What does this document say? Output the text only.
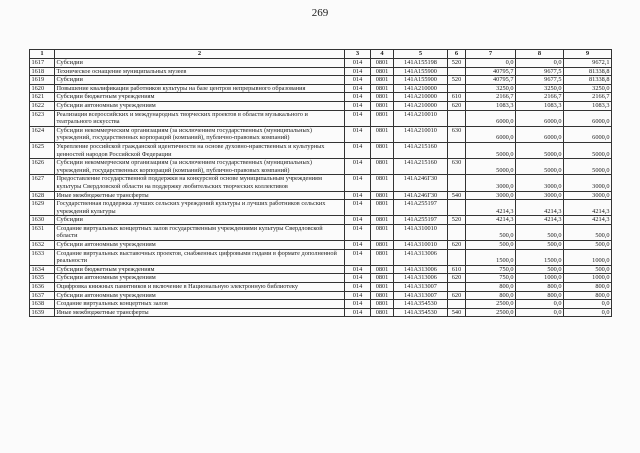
269
1	2	3	4	5	6	7	8	9
1617	Субсидии	014	0801	141A155198	520	0,0	0,0	9672,1
1618	Техническое оснащение муниципальных музеев	014	0801	141A155900		40795,7	9677,5	81338,8
1619	Субсидии	014	0801	141A155900	520	40795,7	9677,5	81338,8
1620	Повышение квалификации работников культуры на базе центров непрерывного образования	014	0801	141A210000		3250,0	3250,0	3250,0
1621	Субсидии бюджетным учреждениям	014	0801	141A210000	610	2166,7	2166,7	2166,7
1622	Субсидии автономным учреждениям	014	0801	141A210000	620	1083,3	1083,3	1083,3
1623	Реализация всероссийских и международных творческих проектов в области музыкального и театрального искусства	014	0801	141A210010		6000,0	6000,0	6000,0
1624	Субсидии некоммерческим организациям (за исключением государственных (муниципальных) учреждений, государственных корпораций (компаний), публично-правовых компаний)	014	0801	141A210010	630	6000,0	6000,0	6000,0
1625	Укрепление российской гражданской идентичности на основе духовно-нравственных и культурных ценностей народов Российской Федерации	014	0801	141A215160		5000,0	5000,0	5000,0
1626	Субсидии некоммерческим организациям (за исключением государственных (муниципальных) учреждений, государственных корпораций (компаний), публично-правовых компаний)	014	0801	141A215160	630	5000,0	5000,0	5000,0
1627	Предоставление государственной поддержки на конкурсной основе муниципальным учреждениям культуры Свердловской области на поддержку любительских творческих коллективов	014	0801	141A246Г30		3000,0	3000,0	3000,0
1628	Иные межбюджетные трансферты	014	0801	141A246Г30	540	3000,0	3000,0	3000,0
1629	Государственная поддержка лучших сельских учреждений культуры и лучших работников сельских учреждений культуры	014	0801	141A255197		4214,3	4214,3	4214,3
1630	Субсидии	014	0801	141A255197	520	4214,3	4214,3	4214,3
1631	Создание виртуальных концертных залов государственным учреждениями культуры Свердловской области	014	0801	141A310010		500,0	500,0	500,0
1632	Субсидии автономным учреждениям	014	0801	141A310010	620	500,0	500,0	500,0
1633	Создание виртуальных выставочных проектов, снабженных цифровыми гидами в формате дополненной реальности	014	0801	141A313006		1500,0	1500,0	1000,0
1634	Субсидии бюджетным учреждениям	014	0801	141A313006	610	750,0	500,0	500,0
1635	Субсидии автономным учреждениям	014	0801	141A313006	620	750,0	1000,0	1000,0
1636	Оцифровка книжных памятников и включение в Национальную электронную библиотеку	014	0801	141A313007		800,0	800,0	800,0
1637	Субсидии автономным учреждениям	014	0801	141A313007	620	800,0	800,0	800,0
1638	Создание виртуальных концертных залов	014	0801	141A354530		2500,0	0,0	0,0
1639	Иные межбюджетные трансферты	014	0801	141A354530	540	2500,0	0,0	0,0
